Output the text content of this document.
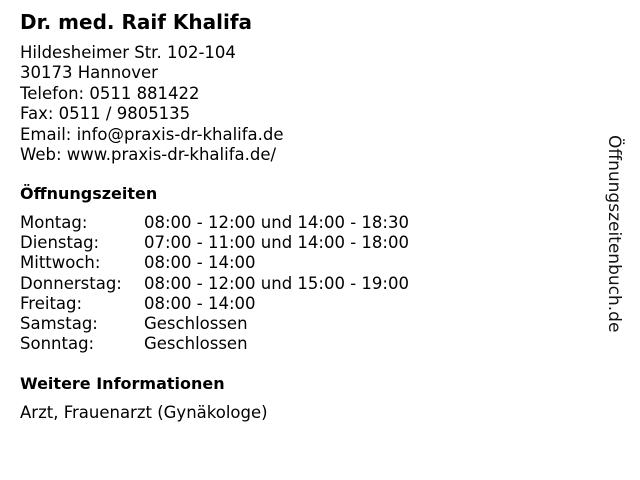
Dr. med. Raif Khalifa
Hildesheimer Str. 102-104
30173 Hannover
Telefon: 0511 881422
Fax: 0511 / 9805135
Email: info@praxis-dr-khalifa.de
Web: www.praxis-dr-khalifa.de/
Öffnungszeiten
Montag:	08:00 - 12:00 und 14:00 - 18:30
Dienstag:	07:00 - 11:00 und 14:00 - 18:00
Mittwoch:	08:00 - 14:00
Donnerstag:	08:00 - 12:00 und 15:00 - 19:00
Freitag:	08:00 - 14:00
Samstag:	Geschlossen
Sonntag:	Geschlossen
Weitere Informationen
Arzt, Frauenarzt (Gynäkologe)
Öffnungszeitenbuch.de
